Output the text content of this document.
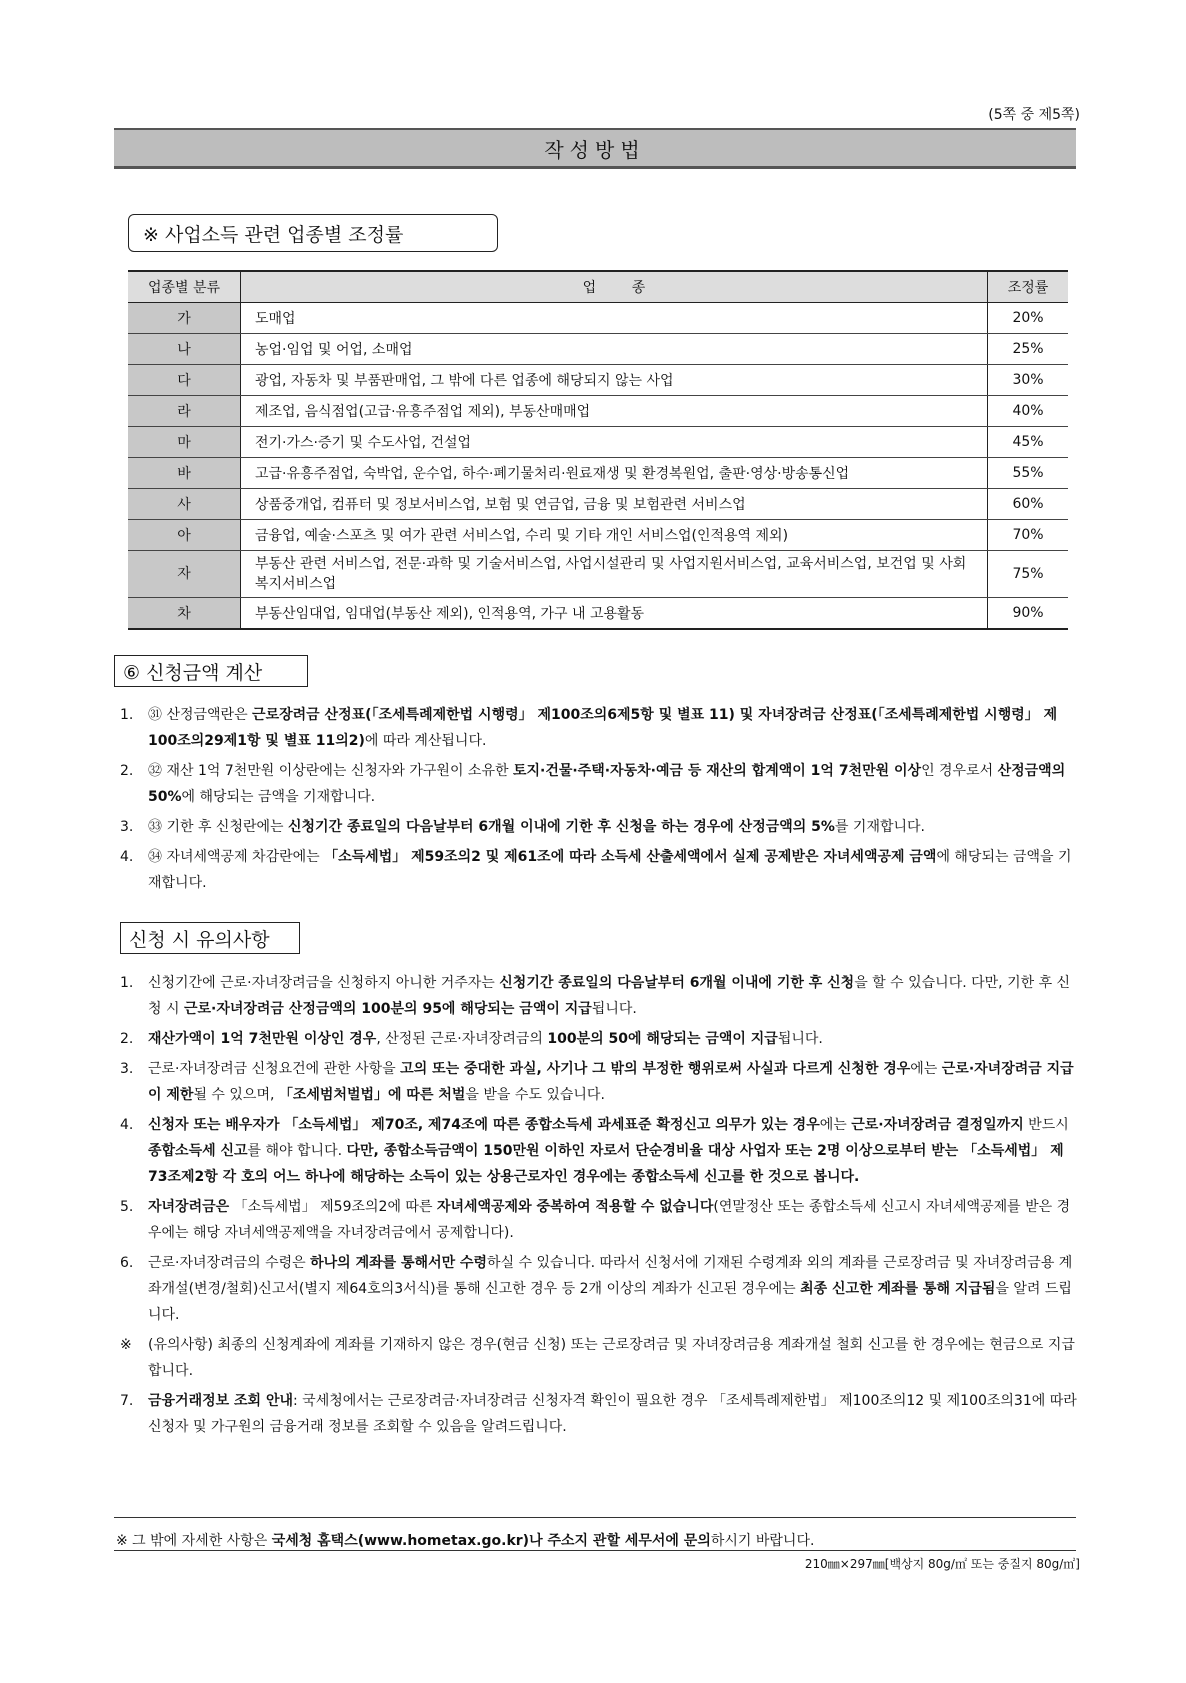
(5쪽 중 제5쪽)
작성방법
※ 사업소득 관련 업종별 조정률
업종별 분류	업        종	조정률
가	도매업	20%
나	농업·임업 및 어업, 소매업	25%
다	광업, 자동차 및 부품판매업, 그 밖에 다른 업종에 해당되지 않는 사업	30%
라	제조업, 음식점업(고급·유흥주점업 제외), 부동산매매업	40%
마	전기·가스·증기 및 수도사업, 건설업	45%
바	고급·유흥주점업, 숙박업, 운수업, 하수·폐기물처리·원료재생 및 환경복원업, 출판·영상·방송통신업	55%
사	상품중개업, 컴퓨터 및 정보서비스업, 보험 및 연금업, 금융 및 보험관련 서비스업	60%
아	금융업, 예술·스포츠 및 여가 관련 서비스업, 수리 및 기타 개인 서비스업(인적용역 제외)	70%
자	부동산 관련 서비스업, 전문·과학 및 기술서비스업, 사업시설관리 및 사업지원서비스업, 교육서비스업, 보건업 및 사회복지서비스업	75%
차	부동산임대업, 임대업(부동산 제외), 인적용역, 가구 내 고용활동	90%
⑥ 신청금액 계산
1.	㉛ 산정금액란은 근로장려금 산정표(「조세특례제한법 시행령」 제100조의6제5항 및 별표 11) 및 자녀장려금 산정표(「조세특례제한법 시행령」 제100조의29제1항 및 별표 11의2)에 따라 계산됩니다.
2.	㉜ 재산 1억 7천만원 이상란에는 신청자와 가구원이 소유한 토지·건물·주택·자동차·예금 등 재산의 합계액이 1억 7천만원 이상인 경우로서 산정금액의 50%에 해당되는 금액을 기재합니다.
3.	㉝ 기한 후 신청란에는 신청기간 종료일의 다음날부터 6개월 이내에 기한 후 신청을 하는 경우에 산정금액의 5%를 기재합니다.
4.	㉞ 자녀세액공제 차감란에는 「소득세법」 제59조의2 및 제61조에 따라 소득세 산출세액에서 실제 공제받은 자녀세액공제 금액에 해당되는 금액을 기재합니다.
신청 시 유의사항
1.	신청기간에 근로·자녀장려금을 신청하지 아니한 거주자는 신청기간 종료일의 다음날부터 6개월 이내에 기한 후 신청을 할 수 있습니다. 다만, 기한 후 신청 시 근로·자녀장려금 산정금액의 100분의 95에 해당되는 금액이 지급됩니다.
2.	재산가액이 1억 7천만원 이상인 경우, 산정된 근로·자녀장려금의 100분의 50에 해당되는 금액이 지급됩니다.
3.	근로·자녀장려금 신청요건에 관한 사항을 고의 또는 중대한 과실, 사기나 그 밖의 부정한 행위로써 사실과 다르게 신청한 경우에는 근로·자녀장려금 지급이 제한될 수 있으며, 「조세범처벌법」에 따른 처벌을 받을 수도 있습니다.
4.	신청자 또는 배우자가 「소득세법」 제70조, 제74조에 따른 종합소득세 과세표준 확정신고 의무가 있는 경우에는 근로·자녀장려금 결정일까지 반드시 종합소득세 신고를 해야 합니다. 다만, 종합소득금액이 150만원 이하인 자로서 단순경비율 대상 사업자 또는 2명 이상으로부터 받는 「소득세법」 제73조제2항 각 호의 어느 하나에 해당하는 소득이 있는 상용근로자인 경우에는 종합소득세 신고를 한 것으로 봅니다.
5.	자녀장려금은 「소득세법」 제59조의2에 따른 자녀세액공제와 중복하여 적용할 수 없습니다(연말정산 또는 종합소득세 신고시 자녀세액공제를 받은 경우에는 해당 자녀세액공제액을 자녀장려금에서 공제합니다).
6.	근로·자녀장려금의 수령은 하나의 계좌를 통해서만 수령하실 수 있습니다. 따라서 신청서에 기재된 수령계좌 외의 계좌를 근로장려금 및 자녀장려금용 계좌개설(변경/철회)신고서(별지 제64호의3서식)를 통해 신고한 경우 등 2개 이상의 계좌가 신고된 경우에는 최종 신고한 계좌를 통해 지급됨을 알려 드립니다.
※	(유의사항) 최종의 신청계좌에 계좌를 기재하지 않은 경우(현금 신청) 또는 근로장려금 및 자녀장려금용 계좌개설 철회 신고를 한 경우에는 현금으로 지급합니다.
7.	금융거래정보 조회 안내: 국세청에서는 근로장려금·자녀장려금 신청자격 확인이 필요한 경우 「조세특례제한법」 제100조의12 및 제100조의31에 따라 신청자 및 가구원의 금융거래 정보를 조회할 수 있음을 알려드립니다.
※ 그 밖에 자세한 사항은 국세청 홈택스(www.hometax.go.kr)나 주소지 관할 세무서에 문의하시기 바랍니다.
210㎜×297㎜[백상지 80g/㎡ 또는 중질지 80g/㎡]
